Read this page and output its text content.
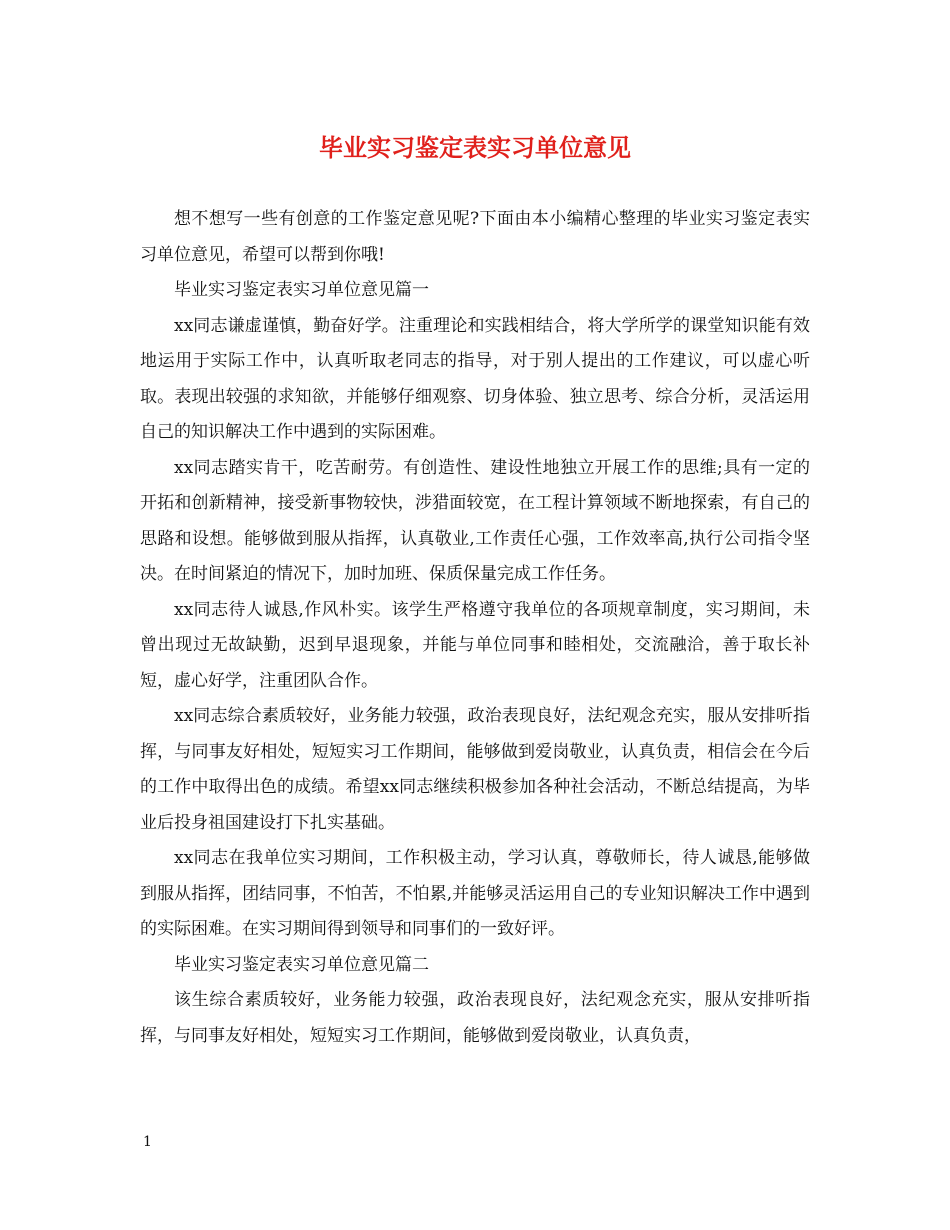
毕业实习鉴定表实习单位意见

想不想写一些有创意的工作鉴定意见呢?下面由本小编精心整理的毕业实习鉴定表实习单位意见，希望可以帮到你哦!

毕业实习鉴定表实习单位意见篇一

xx同志谦虚谨慎，勤奋好学。注重理论和实践相结合，将大学所学的课堂知识能有效地运用于实际工作中，认真听取老同志的指导，对于别人提出的工作建议，可以虚心听取。表现出较强的求知欲，并能够仔细观察、切身体验、独立思考、综合分析，灵活运用自己的知识解决工作中遇到的实际困难。

xx同志踏实肯干，吃苦耐劳。有创造性、建设性地独立开展工作的思维;具有一定的开拓和创新精神，接受新事物较快，涉猎面较宽，在工程计算领域不断地探索，有自己的思路和设想。能够做到服从指挥，认真敬业,工作责任心强，工作效率高,执行公司指令坚决。在时间紧迫的情况下，加时加班、保质保量完成工作任务。

xx同志待人诚恳,作风朴实。该学生严格遵守我单位的各项规章制度，实习期间，未曾出现过无故缺勤，迟到早退现象，并能与单位同事和睦相处，交流融洽，善于取长补短，虚心好学，注重团队合作。

xx同志综合素质较好，业务能力较强，政治表现良好，法纪观念充实，服从安排听指挥，与同事友好相处，短短实习工作期间，能够做到爱岗敬业，认真负责，相信会在今后的工作中取得出色的成绩。希望xx同志继续积极参加各种社会活动，不断总结提高，为毕业后投身祖国建设打下扎实基础。

xx同志在我单位实习期间，工作积极主动，学习认真，尊敬师长，待人诚恳,能够做到服从指挥，团结同事，不怕苦，不怕累,并能够灵活运用自己的专业知识解决工作中遇到的实际困难。在实习期间得到领导和同事们的一致好评。

毕业实习鉴定表实习单位意见篇二

该生综合素质较好，业务能力较强，政治表现良好，法纪观念充实，服从安排听指挥，与同事友好相处，短短实习工作期间，能够做到爱岗敬业，认真负责，

1
